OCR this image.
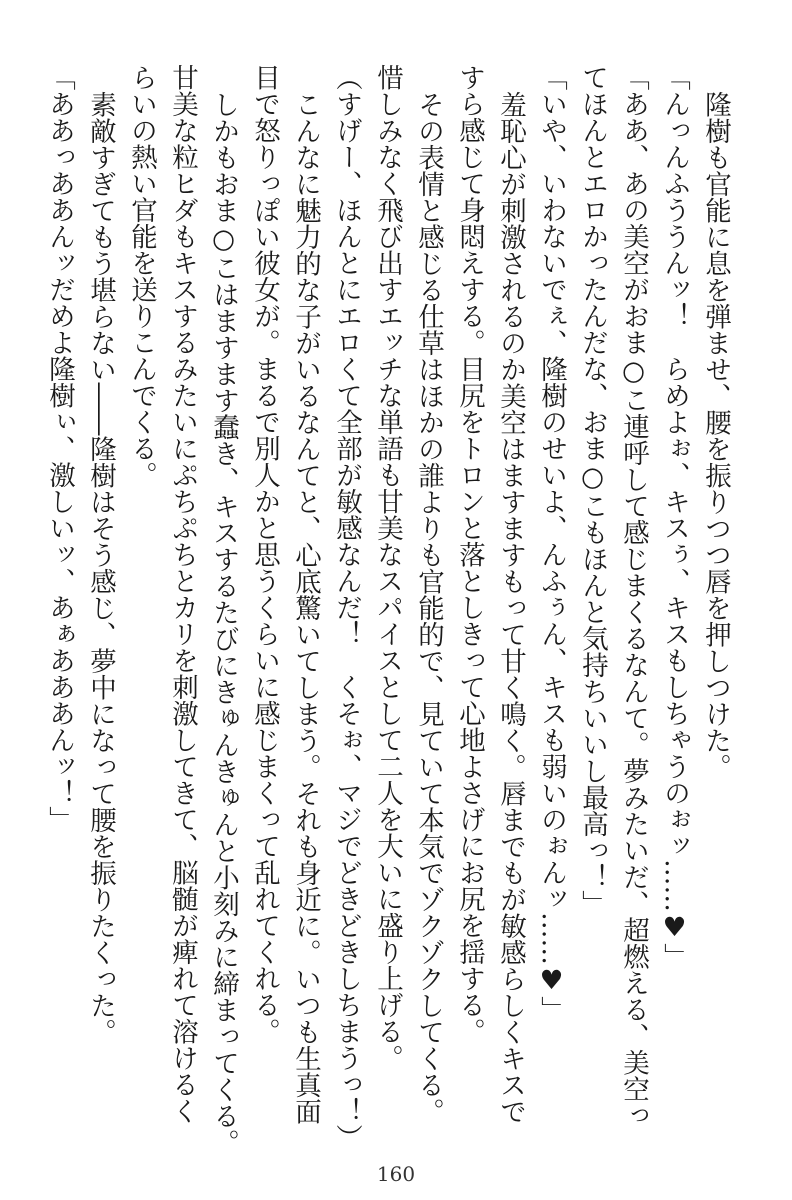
隆樹も官能に息を弾ませ、腰を振りつつ唇を押しつけた。
「んっんふううんッ！　らめよぉ、キスぅ、キスもしちゃうのぉッ……♥」
「ああ、あの美空がおま○こ連呼して感じまくるなんて。夢みたいだ、超燃える、美空っ
てほんとエロかったんだな、おま○こもほんと気持ちいいし最高っ！」
「いや、いわないでぇ、隆樹のせいよ、んふぅん、キスも弱いのぉんッ……♥」
羞恥心が刺激されるのか美空はますますもって甘く鳴く。唇までもが敏感らしくキスで
すら感じて身悶えする。目尻をトロンと落としきって心地よさげにお尻を揺する。
その表情と感じる仕草はほかの誰よりも官能的で、見ていて本気でゾクゾクしてくる。
惜しみなく飛び出すエッチな単語も甘美なスパイスとして二人を大いに盛り上げる。
（すげー、ほんとにエロくて全部が敏感なんだ！　くそぉ、マジでどきどきしちまうっ！）
こんなに魅力的な子がいるなんてと、心底驚いてしまう。それも身近に。いつも生真面
目で怒りっぽい彼女が。まるで別人かと思うくらいに感じまくって乱れてくれる。
しかもおま○こはますます蠢き、キスするたびにきゅんきゅんと小刻みに締まってくる。
甘美な粒ヒダもキスするみたいにぷちぷちとカリを刺激してきて、脳髄が痺れて溶けるく
らいの熱い官能を送りこんでくる。
素敵すぎてもう堪らない――隆樹はそう感じ、夢中になって腰を振りたくった。
「ああっああんッだめよ隆樹ぃ、激しいッ、あぁあああんッ！」
160
